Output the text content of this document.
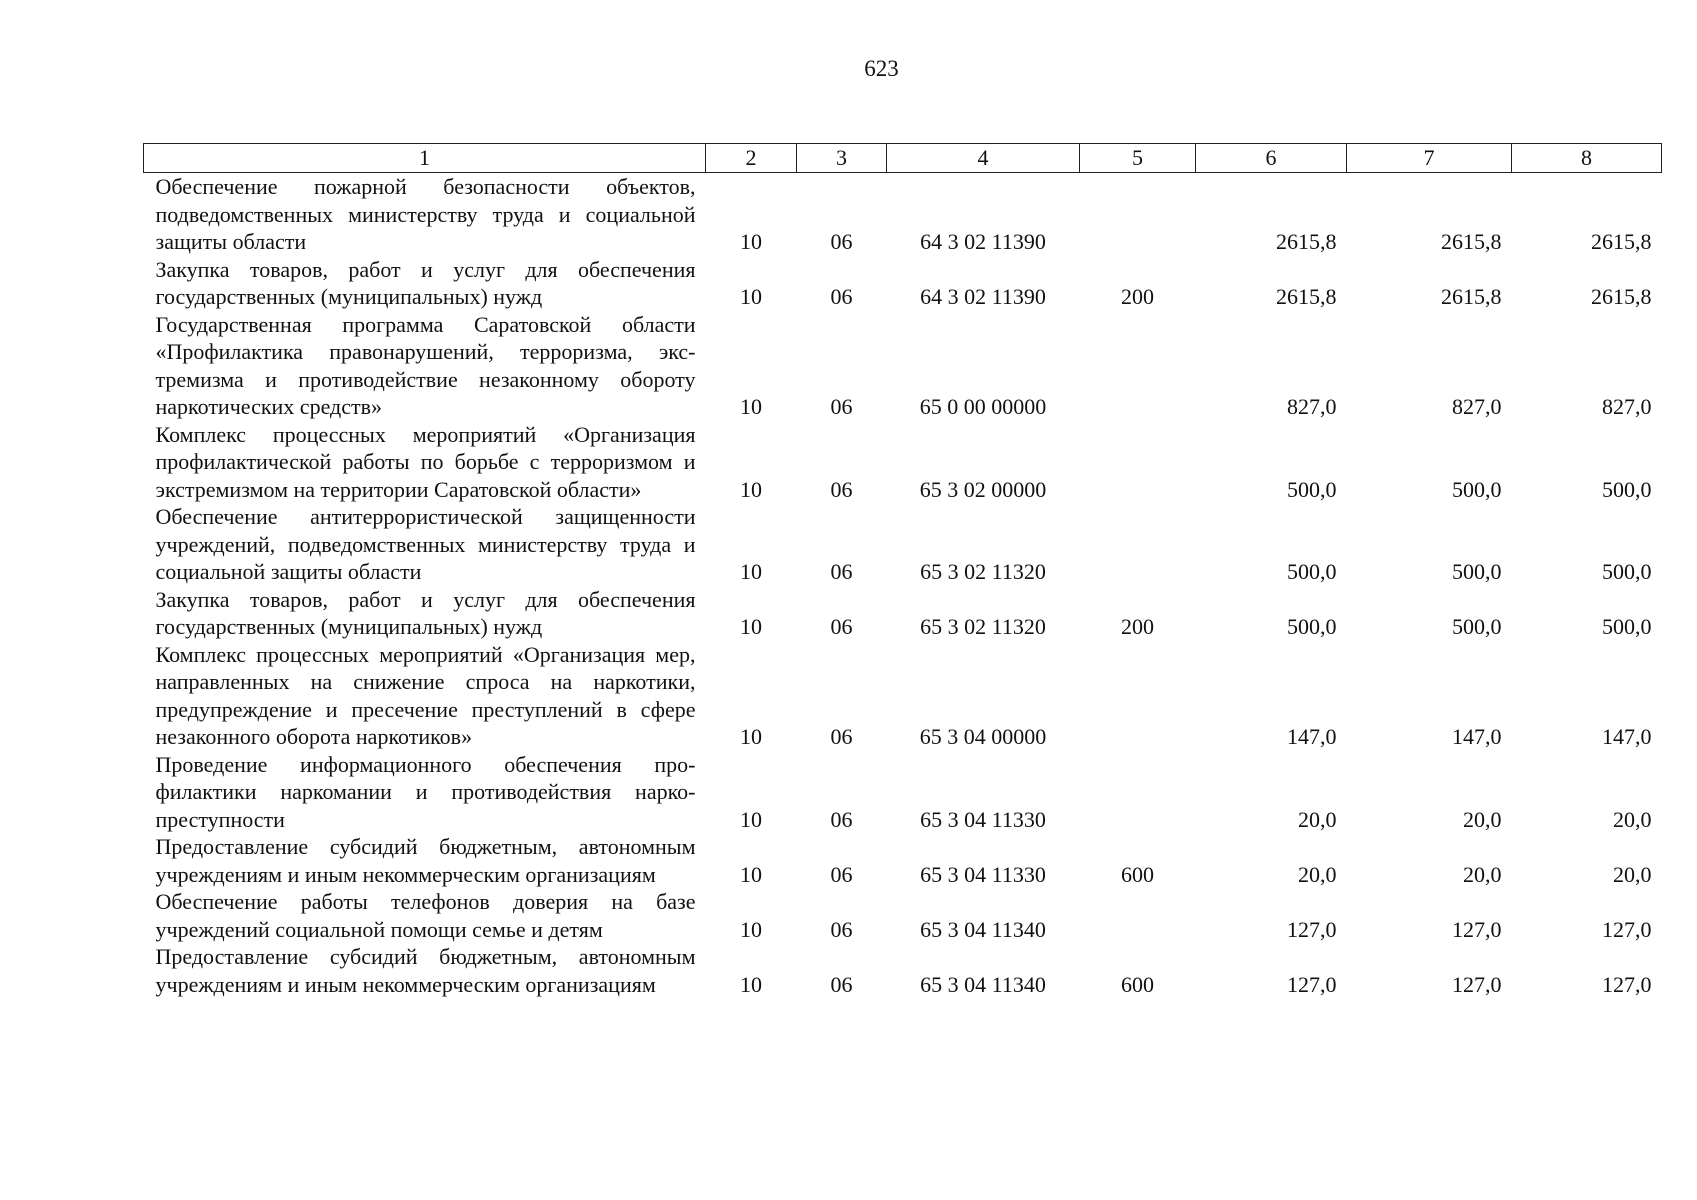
623
1	2	3	4	5	6	7	8
Обеспечение пожарной безопасности объектов, подведомственных министерству труда и социальной защиты области	10	06	64 3 02 11390		2615,8	2615,8	2615,8
Закупка товаров, работ и услуг для обеспечения государственных (муниципальных) нужд	10	06	64 3 02 11390	200	2615,8	2615,8	2615,8
Государственная программа Саратовской области «Профилактика правонарушений, терроризма, экстремизма и противодействие незаконному обороту наркотических средств»	10	06	65 0 00 00000		827,0	827,0	827,0
Комплекс процессных мероприятий «Организация профилактической работы по борьбе с терроризмом и экстремизмом на территории Саратовской области»	10	06	65 3 02 00000		500,0	500,0	500,0
Обеспечение антитеррористической защищенности учреждений, подведомственных министерству труда и социальной защиты области	10	06	65 3 02 11320		500,0	500,0	500,0
Закупка товаров, работ и услуг для обеспечения государственных (муниципальных) нужд	10	06	65 3 02 11320	200	500,0	500,0	500,0
Комплекс процессных мероприятий «Организация мер, направленных на снижение спроса на наркотики, предупреждение и пресечение преступлений в сфере незаконного оборота наркотиков»	10	06	65 3 04 00000		147,0	147,0	147,0
Проведение информационного обеспечения профилактики наркомании и противодействия наркопреступности	10	06	65 3 04 11330		20,0	20,0	20,0
Предоставление субсидий бюджетным, автономным учреждениям и иным некоммерческим организациям	10	06	65 3 04 11330	600	20,0	20,0	20,0
Обеспечение работы телефонов доверия на базе учреждений социальной помощи семье и детям	10	06	65 3 04 11340		127,0	127,0	127,0
Предоставление субсидий бюджетным, автономным учреждениям и иным некоммерческим организациям	10	06	65 3 04 11340	600	127,0	127,0	127,0
